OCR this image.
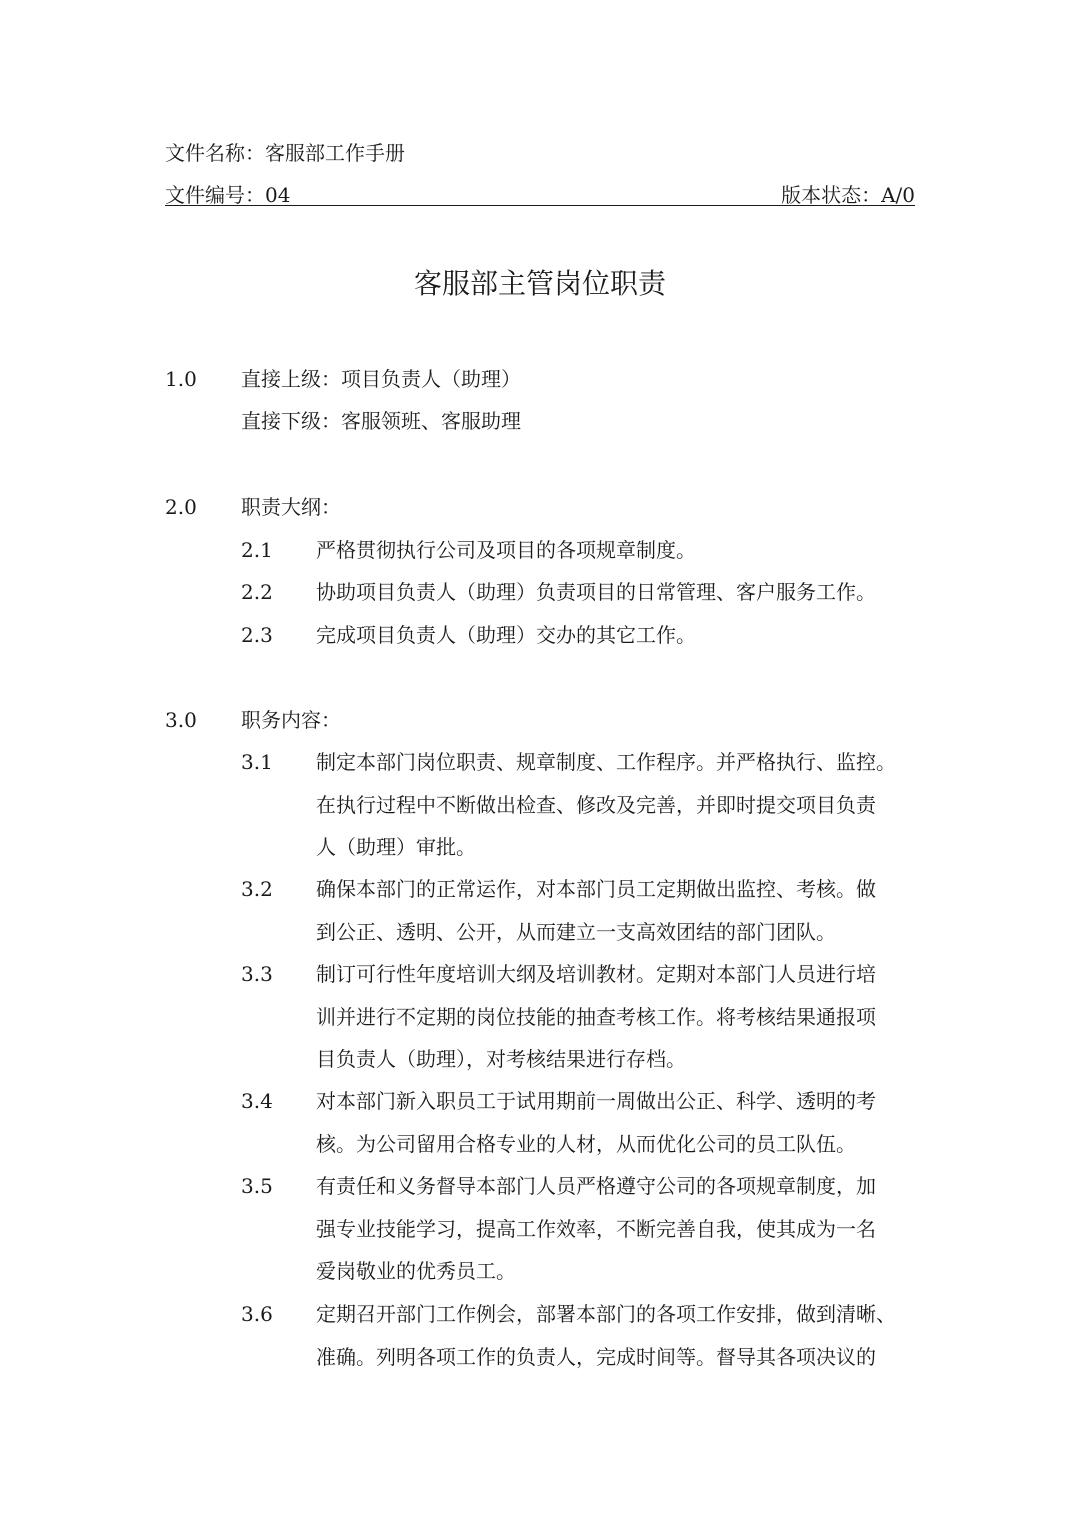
文件名称：客服部工作手册
文件编号：04	版本状态：A/0
客服部主管岗位职责
1.0 直接上级：项目负责人（助理）
直接下级：客服领班、客服助理
2.0 职责大纲：
2.1 严格贯彻执行公司及项目的各项规章制度。
2.2 协助项目负责人（助理）负责项目的日常管理、客户服务工作。
2.3 完成项目负责人（助理）交办的其它工作。
3.0 职务内容：
3.1 制定本部门岗位职责、规章制度、工作程序。并严格执行、监控。
在执行过程中不断做出检查、修改及完善，并即时提交项目负责
人（助理）审批。
3.2 确保本部门的正常运作，对本部门员工定期做出监控、考核。做
到公正、透明、公开，从而建立一支高效团结的部门团队。
3.3 制订可行性年度培训大纲及培训教材。定期对本部门人员进行培
训并进行不定期的岗位技能的抽查考核工作。将考核结果通报项
目负责人（助理），对考核结果进行存档。
3.4 对本部门新入职员工于试用期前一周做出公正、科学、透明的考
核。为公司留用合格专业的人材，从而优化公司的员工队伍。
3.5 有责任和义务督导本部门人员严格遵守公司的各项规章制度，加
强专业技能学习，提高工作效率，不断完善自我，使其成为一名
爱岗敬业的优秀员工。
3.6 定期召开部门工作例会，部署本部门的各项工作安排，做到清晰、
准确。列明各项工作的负责人，完成时间等。督导其各项决议的
